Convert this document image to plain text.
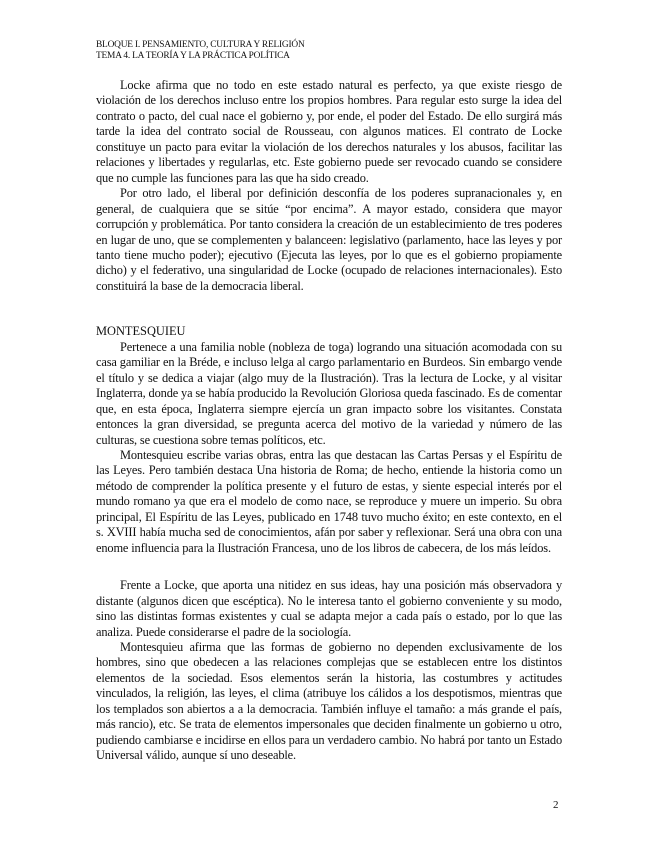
BLOQUE I. PENSAMIENTO, CULTURA Y RELIGIÓN
TEMA 4. LA TEORÍA Y LA PRÁCTICA POLÍTICA

Locke afirma que no todo en este estado natural es perfecto, ya que existe riesgo de violación de los derechos incluso entre los propios hombres. Para regular esto surge la idea del contrato o pacto, del cual nace el gobierno y, por ende, el poder del Estado. De ello surgirá más tarde la idea del contrato social de Rousseau, con algunos matices. El contrato de Locke constituye un pacto para evitar la violación de los derechos naturales y los abusos, facilitar las relaciones y libertades y regularlas, etc. Este gobierno puede ser revocado cuando se considere que no cumple las funciones para las que ha sido creado.

Por otro lado, el liberal por definición desconfía de los poderes supranacionales y, en general, de cualquiera que se sitúe “por encima”. A mayor estado, considera que mayor corrupción y problemática. Por tanto considera la creación de un establecimiento de tres poderes en lugar de uno, que se complementen y balanceen: legislativo (parlamento, hace las leyes y por tanto tiene mucho poder); ejecutivo (Ejecuta las leyes, por lo que es el gobierno propiamente dicho) y el federativo, una singularidad de Locke (ocupado de relaciones internacionales). Esto constituirá la base de la democracia liberal.

MONTESQUIEU

Pertenece a una familia noble (nobleza de toga) logrando una situación acomodada con su casa gamiliar en la Bréde, e incluso lelga al cargo parlamentario en Burdeos. Sin embargo vende el título y se dedica a viajar (algo muy de la Ilustración). Tras la lectura de Locke, y al visitar Inglaterra, donde ya se había producido la Revolución Gloriosa queda fascinado. Es de comentar que, en esta época, Inglaterra siempre ejercía un gran impacto sobre los visitantes. Constata entonces la gran diversidad, se pregunta acerca del motivo de la variedad y número de las culturas, se cuestiona sobre temas políticos, etc.

Montesquieu escribe varias obras, entra las que destacan las Cartas Persas y el Espíritu de las Leyes. Pero también destaca Una historia de Roma; de hecho, entiende la historia como un método de comprender la política presente y el futuro de estas, y siente especial interés por el mundo romano ya que era el modelo de como nace, se reproduce y muere un imperio. Su obra principal, El Espíritu de las Leyes, publicado en 1748 tuvo mucho éxito; en este contexto, en el s. XVIII había mucha sed de conocimientos, afán por saber y reflexionar. Será una obra con una enome influencia para la Ilustración Francesa, uno de los libros de cabecera, de los más leídos.

Frente a Locke, que aporta una nitidez en sus ideas, hay una posición más observadora y distante (algunos dicen que escéptica). No le interesa tanto el gobierno conveniente y su modo, sino las distintas formas existentes y cual se adapta mejor a cada país o estado, por lo que las analiza. Puede considerarse el padre de la sociología.

Montesquieu afirma que las formas de gobierno no dependen exclusivamente de los hombres, sino que obedecen a las relaciones complejas que se establecen entre los distintos elementos de la sociedad. Esos elementos serán la historia, las costumbres y actitudes vinculados, la religión, las leyes, el clima (atribuye los cálidos a los despotismos, mientras que los templados son abiertos a a la democracia. También influye el tamaño: a más grande el país, más rancio), etc. Se trata de elementos impersonales que deciden finalmente un gobierno u otro, pudiendo cambiarse e incidirse en ellos para un verdadero cambio. No habrá por tanto un Estado Universal válido, aunque sí uno deseable.

2
